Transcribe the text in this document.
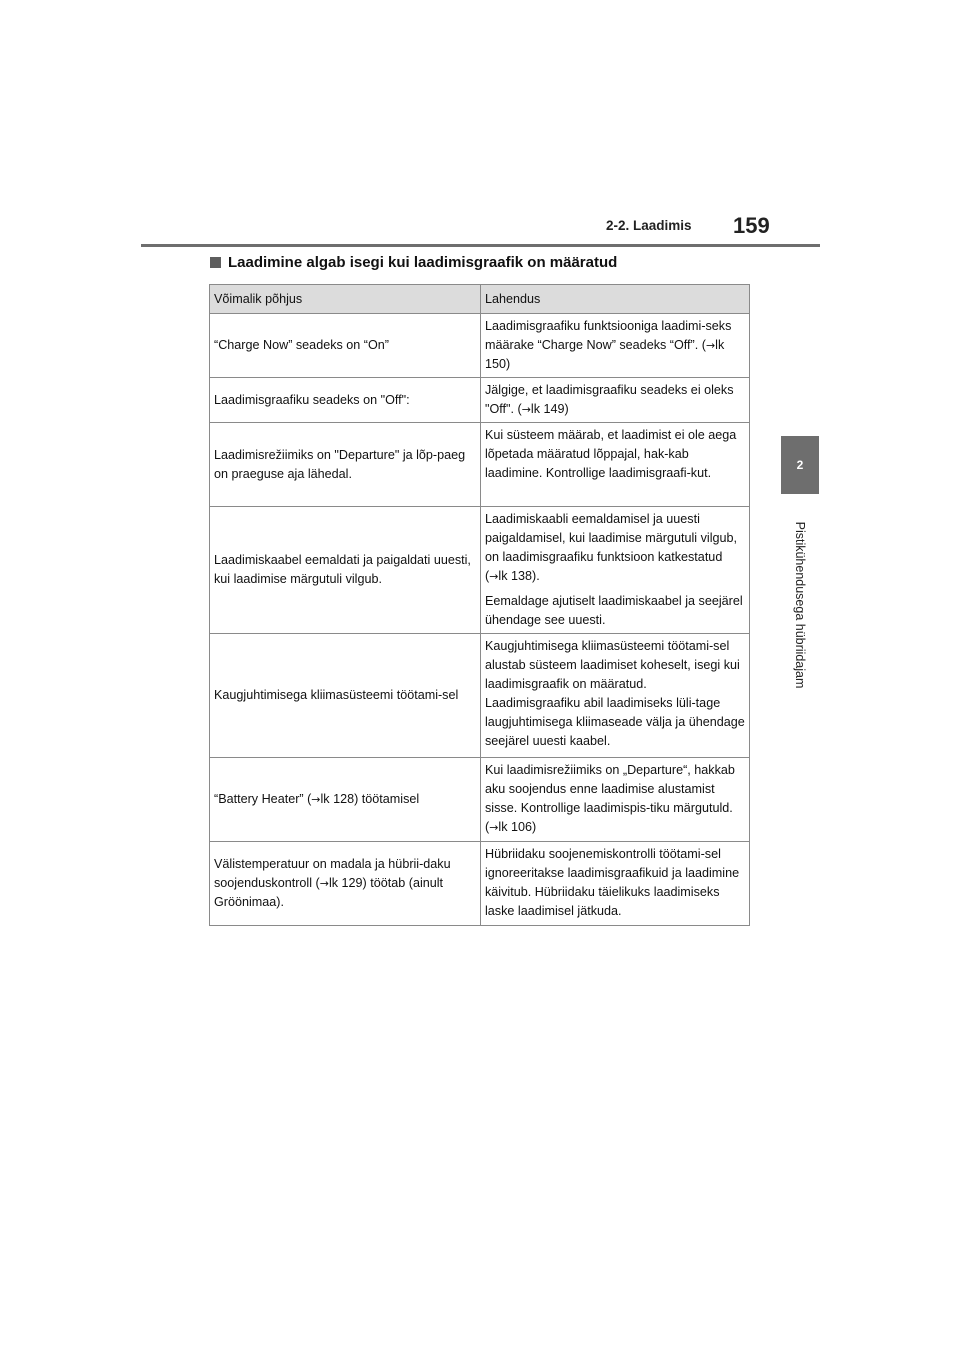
2-2. Laadimis 159
2
Pistikühendusega hübriidajam
Laadimine algab isegi kui laadimisgraafik on määratud
Võimalik põhjus	Lahendus
“Charge Now” seadeks on “On”	Laadimisgraafiku funktsiooniga laadimi-seks määrake “Charge Now” seadeks “Off”. (→lk 150)

Laadimisgraafiku seadeks on "Off":	Jälgige, et laadimisgraafiku seadeks ei oleks "Off". (→lk 149)

Laadimisrežiimiks on "Departure" ja lõp-paeg on praeguse aja lähedal.	Kui süsteem määrab, et laadimist ei ole aega lõpetada määratud lõppajal, hak-kab laadimine. Kontrollige laadimisgraafi-kut.

Laadimiskaabel eemaldati ja paigaldati uuesti, kui laadimise märgutuli vilgub.	Laadimiskaabli eemaldamisel ja uuesti paigaldamisel, kui laadimise märgutuli vilgub, on laadimisgraafiku funktsioon katkestatud (→lk 138).

Eemaldage ajutiselt laadimiskaabel ja seejärel ühendage see uuesti.

Kaugjuhtimisega kliimasüsteemi töötami-sel	Kaugjuhtimisega kliimasüsteemi töötami-sel alustab süsteem laadimiset koheselt, isegi kui laadimisgraafik on määratud. Laadimisgraafiku abil laadimiseks lüli-tage laugjuhtimisega kliimaseade välja ja ühendage seejärel uuesti kaabel.

“Battery Heater” (→lk 128) töötamisel	Kui laadimisrežiimiks on „Departure“, hakkab aku soojendus enne laadimise alustamist sisse. Kontrollige laadimispis-tiku märgutuld. (→lk 106)

Välistemperatuur on madala ja hübrii-daku soojenduskontroll (→lk 129) töötab (ainult Gröönimaa).	Hübriidaku soojenemiskontrolli töötami-sel ignoreeritakse laadimisgraafikuid ja laadimine käivitub. Hübriidaku täielikuks laadimiseks laske laadimisel jätkuda.
